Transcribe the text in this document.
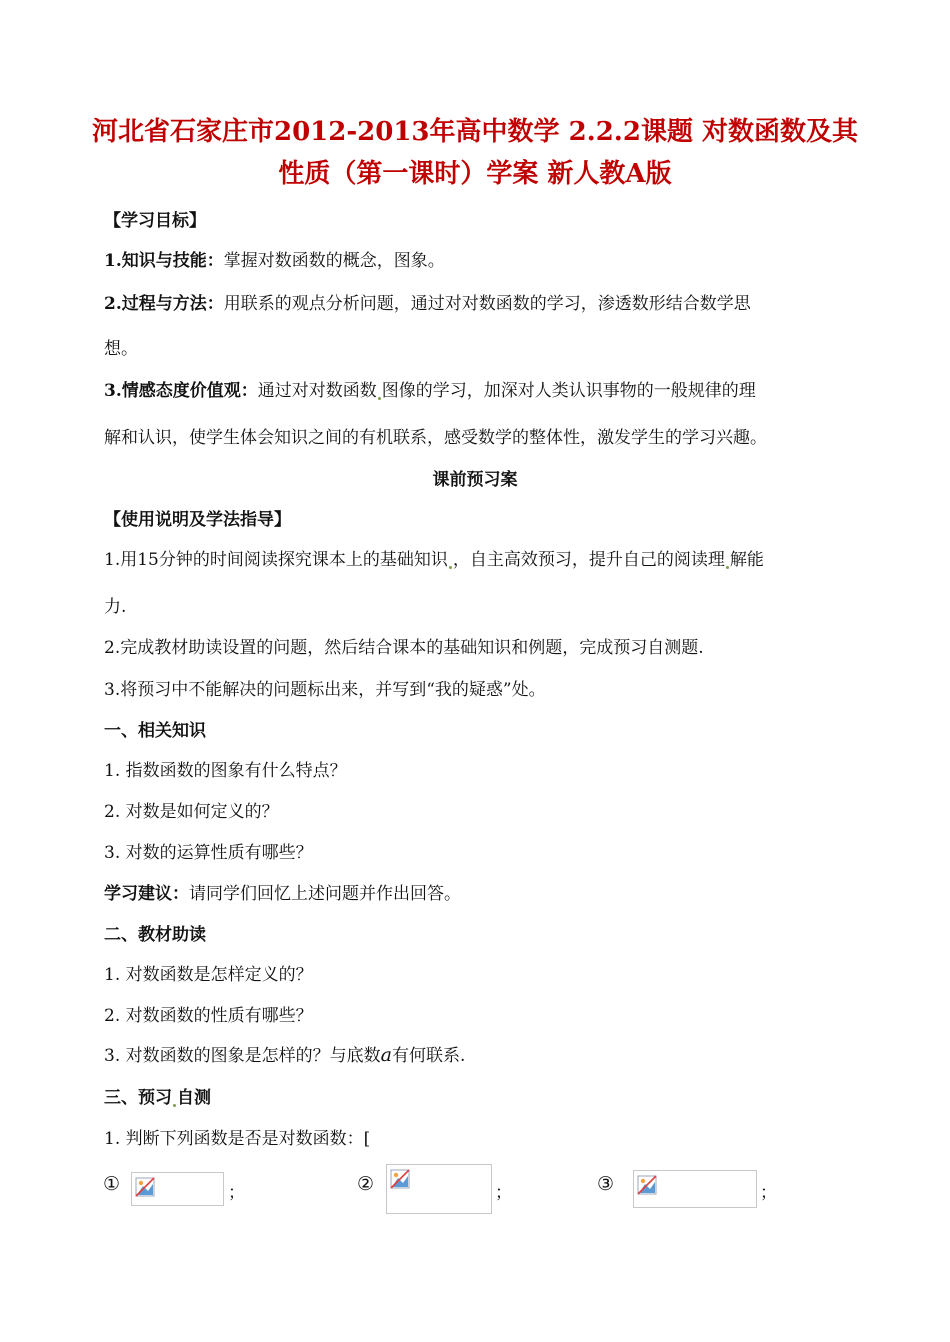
河北省石家庄市2012-2013年高中数学 2.2.2课题 对数函数及其
性质（第一课时）学案 新人教A版
【学习目标】
1.知识与技能：掌握对数函数的概念，图象。
2.过程与方法：用联系的观点分析问题，通过对对数函数的学习，渗透数形结合数学思
想。
3.情感态度价值观：通过对对数函数 图像的学习，加深对人类认识事物的一般规律的理
解和认识，使学生体会知识之间的有机联系，感受数学的整体性，激发学生的学习兴趣。
课前预习案
【使用说明及学法指导】
1.用15分钟的时间阅读探究课本上的基础知识 ，自主高效预习，提升自己的阅读理 解能
力.
2.完成教材助读设置的问题，然后结合课本的基础知识和例题，完成预习自测题.
3.将预习中不能解决的问题标出来，并写到“我的疑惑”处。
一、相关知识
1. 指数函数的图象有什么特点？
2. 对数是如何定义的？
3. 对数的运算性质有哪些？
学习建议：请同学们回忆上述问题并作出回答。
二、教材助读
1. 对数函数是怎样定义的？
2. 对数函数的性质有哪些？
3. 对数函数的图象是怎样的？与底数a有何联系.
三、预习 自测
1. 判断下列函数是否是对数函数：[
①	；	②	；	③	；
